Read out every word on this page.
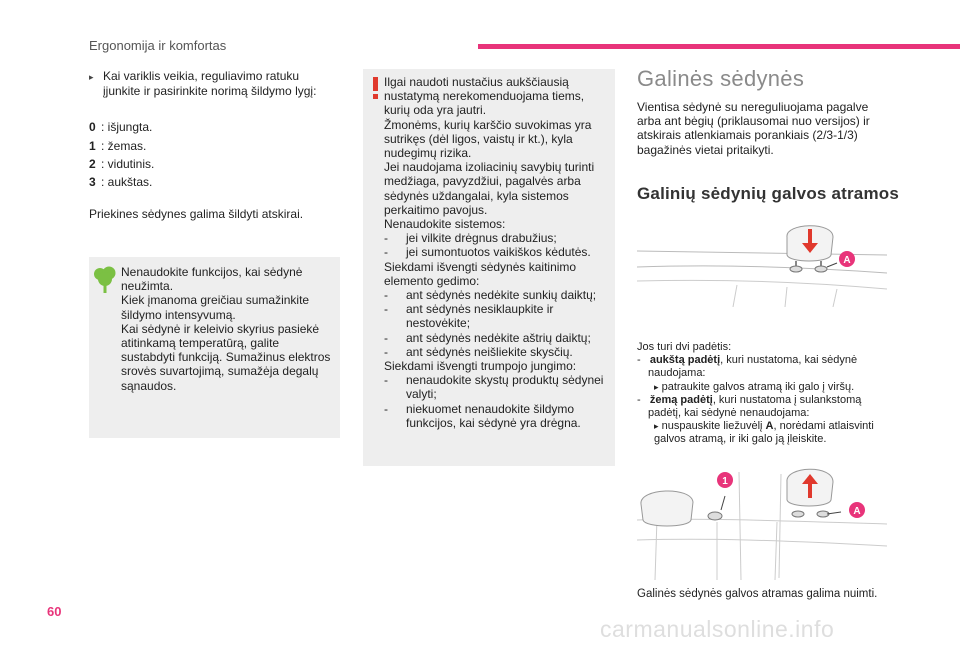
Ergonomija ir komfortas

▸ Kai variklis veikia, reguliavimo ratuku įjunkite ir pasirinkite norimą šildymo lygį:

0 : išjungta.

1 : žemas.

2 : vidutinis.

3 : aukštas.

Priekines sėdynes galima šildyti atskirai.

Nenaudokite funkcijos, kai sėdynė neužimta.

Kiek įmanoma greičiau sumažinkite šildymo intensyvumą.

Kai sėdynė ir keleivio skyrius pasiekė atitinkamą temperatūrą, galite sustabdyti funkciją. Sumažinus elektros srovės suvartojimą, sumažėja degalų sąnaudos.

Ilgai naudoti nustačius aukščiausią nustatymą nerekomenduojama tiems, kurių oda yra jautri.

Žmonėms, kurių karščio suvokimas yra sutrikęs (dėl ligos, vaistų ir kt.), kyla nudegimų rizika.

Jei naudojama izoliacinių savybių turinti medžiaga, pavyzdžiui, pagalvės arba sėdynės uždangalai, kyla sistemos perkaitimo pavojus.

Nenaudokite sistemos:

- jei vilkite drėgnus drabužius;

- jei sumontuotos vaikiškos kėdutės.

Siekdami išvengti sėdynės kaitinimo elemento gedimo:

- ant sėdynės nedėkite sunkių daiktų;

- ant sėdynės nesiklaupkite ir nestovėkite;

- ant sėdynės nedėkite aštrių daiktų;

- ant sėdynės neišliekite skysčių.

Siekdami išvengti trumpojo jungimo:

- nenaudokite skystų produktų sėdynei valyti;

- niekuomet nenaudokite šildymo funkcijos, kai sėdynė yra drėgna.

Galinės sėdynės
Vientisa sėdynė su nereguliuojama pagalve arba ant bėgių (priklausomai nuo versijos) ir atskirais atlenkiamais porankiais (2/3-1/3) bagažinės vietai pritaikyti.
Galinių sėdynių galvos atramos
A

Jos turi dvi padėtis:

-   aukštą padėtį, kuri nustatoma, kai sėdynė naudojama:

▸ patraukite galvos atramą iki galo į viršų.

-   žemą padėtį, kuri nustatoma į sulankstomą padėtį, kai sėdynė nenaudojama:

▸ nuspauskite liežuvėlį A, norėdami atlaisvinti galvos atramą, ir iki galo ją įleiskite.

1
A
Galinės sėdynės galvos atramas galima nuimti.
60
carmanualsonline.info
